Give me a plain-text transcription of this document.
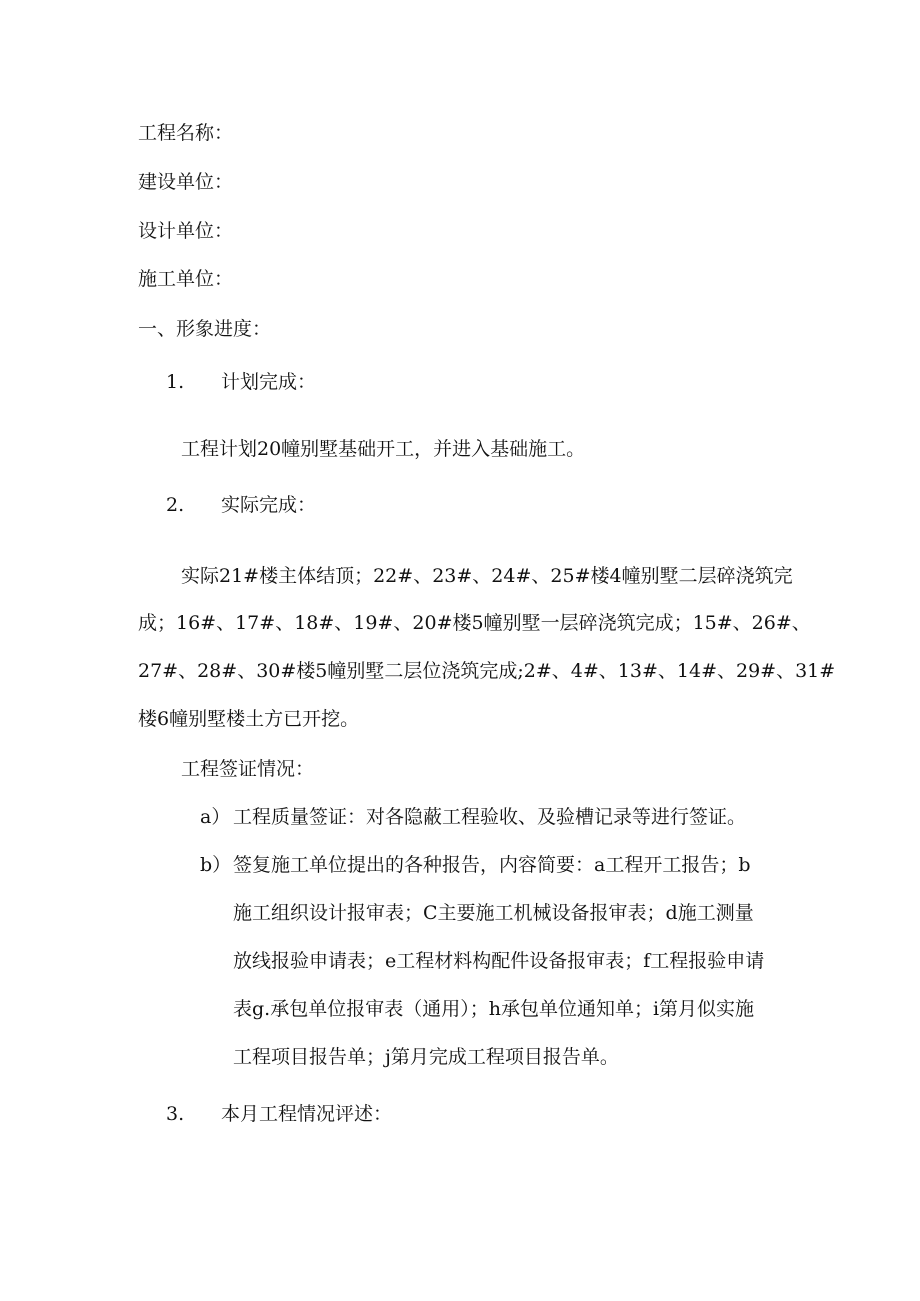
工程名称：
建设单位：
设计单位：
施工单位：
一、形象进度：
1. 计划完成：
工程计划20幢别墅基础开工，并进入基础施工。
2. 实际完成：
实际21#楼主体结顶；22#、23#、24#、25#楼4幢别墅二层碎浇筑完
成；16#、17#、18#、19#、20#楼5幢别墅一层碎浇筑完成；15#、26#、
27#、28#、30#楼5幢别墅二层位浇筑完成;2#、4#、13#、14#、29#、31#
楼6幢别墅楼土方已开挖。
工程签证情况：
a） 工程质量签证：对各隐蔽工程验收、及验槽记录等进行签证。
b） 签复施工单位提出的各种报告，内容简要：a工程开工报告；b
施工组织设计报审表；C主要施工机械设备报审表；d施工测量
放线报验申请表；e工程材料构配件设备报审表；f工程报验申请
表g.承包单位报审表（通用）；h承包单位通知单；i第月似实施
工程项目报告单；j第月完成工程项目报告单。
3. 本月工程情况评述：
